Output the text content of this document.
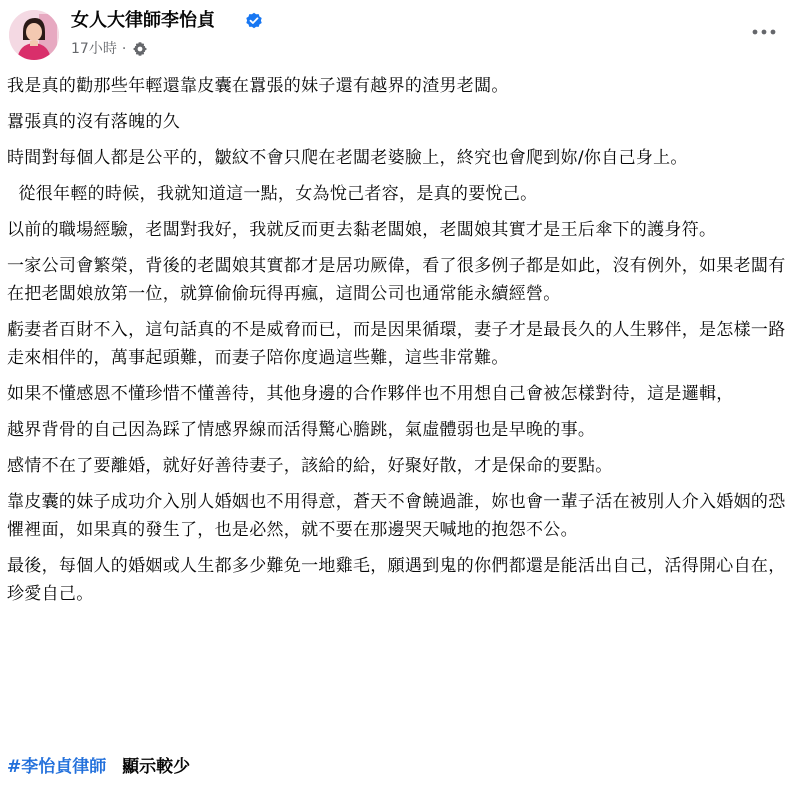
女人大律師李怡貞
17小時 ·

我是真的勸那些年輕還靠皮囊在囂張的妹子還有越界的渣男老闆。

囂張真的沒有落魄的久

時間對每個人都是公平的，皺紋不會只爬在老闆老婆臉上，終究也會爬到妳/你自己身上。

從很年輕的時候，我就知道這一點，女為悅己者容，是真的要悅己。

以前的職場經驗，老闆對我好，我就反而更去黏老闆娘，老闆娘其實才是王后傘下的護身符。

一家公司會繁榮，背後的老闆娘其實都才是居功厥偉，看了很多例子都是如此，沒有例外，如果老闆有在把老闆娘放第一位，就算偷偷玩得再瘋，這間公司也通常能永續經營。

虧妻者百財不入，這句話真的不是威脅而已，而是因果循環，妻子才是最長久的人生夥伴，是怎樣一路走來相伴的，萬事起頭難，而妻子陪你度過這些難，這些非常難。

如果不懂感恩不懂珍惜不懂善待，其他身邊的合作夥伴也不用想自己會被怎樣對待，這是邏輯，

越界背骨的自己因為踩了情感界線而活得驚心膽跳，氣虛體弱也是早晚的事。

感情不在了要離婚，就好好善待妻子，該給的給，好聚好散，才是保命的要點。

靠皮囊的妹子成功介入別人婚姻也不用得意，蒼天不會饒過誰，妳也會一輩子活在被別人介入婚姻的恐懼裡面，如果真的發生了，也是必然，就不要在那邊哭天喊地的抱怨不公。

最後，每個人的婚姻或人生都多少難免一地雞毛，願遇到鬼的你們都還是能活出自己，活得開心自在，珍愛自己。

#李怡貞律師 顯示較少
